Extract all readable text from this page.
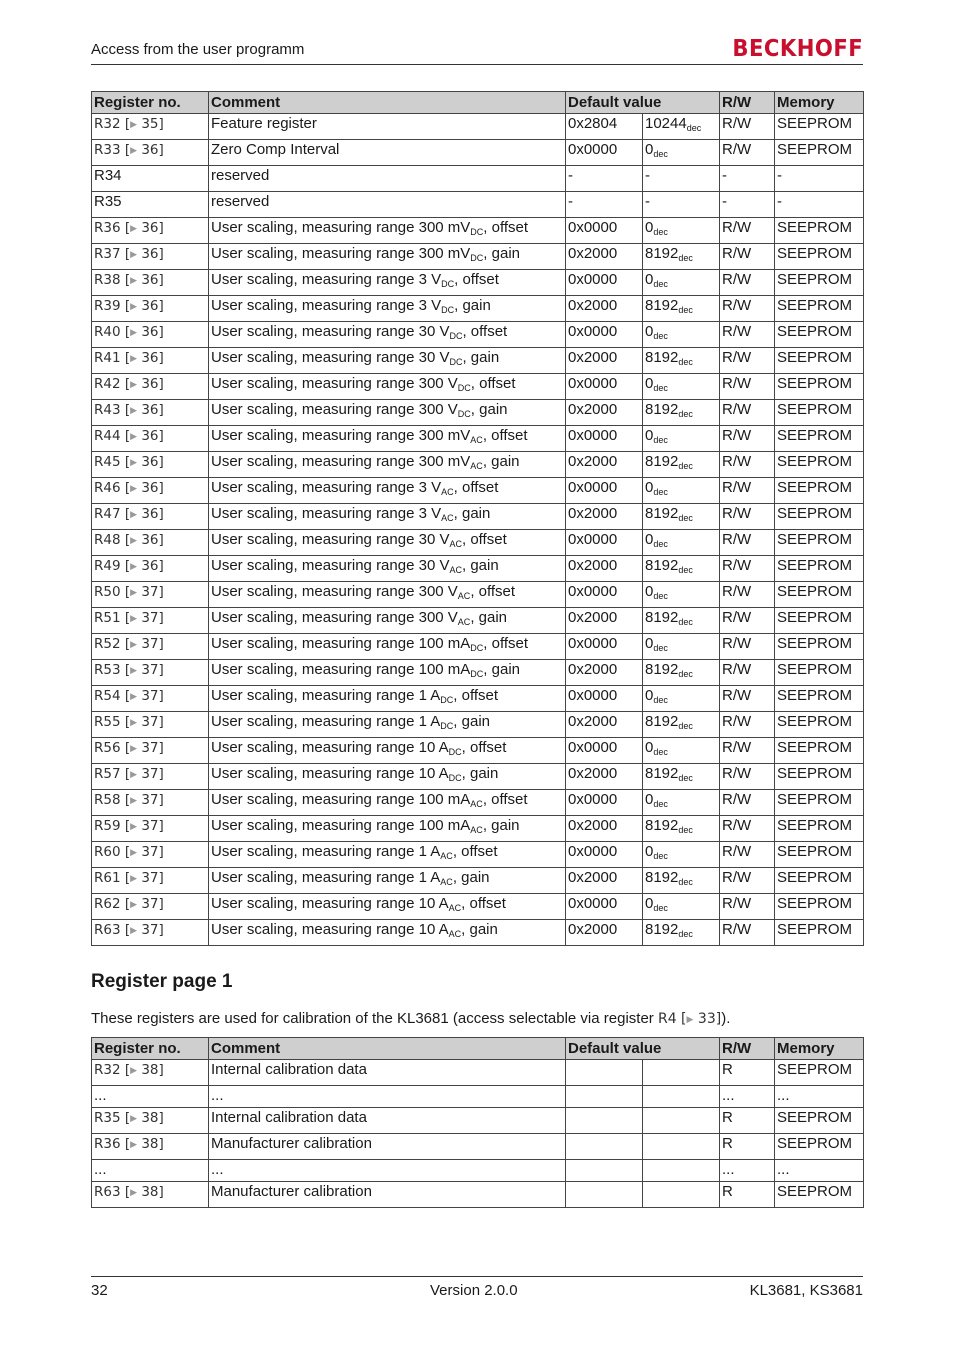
Access from the user programm	BECKHOFF
Register no.	Comment	Default value		R/W	Memory
R32 [▶ 35]	Feature register	0x2804	$10244_{dec}$	R/W	SEEPROM
R33 [▶ 36]	Zero Comp Interval	0x0000	$0_{dec}$	R/W	SEEPROM
R34	reserved	-	-	-	-
R35	reserved	-	-	-	-
R36 [▶ 36]	User scaling, measuring range 300 $mV_{DC}$, offset	0x0000	$0_{dec}$	R/W	SEEPROM
R37 [▶ 36]	User scaling, measuring range 300 $mV_{DC}$, gain	0x2000	$8192_{dec}$	R/W	SEEPROM
R38 [▶ 36]	User scaling, measuring range 3 $V_{DC}$, offset	0x0000	$0_{dec}$	R/W	SEEPROM
R39 [▶ 36]	User scaling, measuring range 3 $V_{DC}$, gain	0x2000	$8192_{dec}$	R/W	SEEPROM
R40 [▶ 36]	User scaling, measuring range 30 $V_{DC}$, offset	0x0000	$0_{dec}$	R/W	SEEPROM
R41 [▶ 36]	User scaling, measuring range 30 $V_{DC}$, gain	0x2000	$8192_{dec}$	R/W	SEEPROM
R42 [▶ 36]	User scaling, measuring range 300 $V_{DC}$, offset	0x0000	$0_{dec}$	R/W	SEEPROM
R43 [▶ 36]	User scaling, measuring range 300 $V_{DC}$, gain	0x2000	$8192_{dec}$	R/W	SEEPROM
R44 [▶ 36]	User scaling, measuring range 300 $mV_{AC}$, offset	0x0000	$0_{dec}$	R/W	SEEPROM
R45 [▶ 36]	User scaling, measuring range 300 $mV_{AC}$, gain	0x2000	$8192_{dec}$	R/W	SEEPROM
R46 [▶ 36]	User scaling, measuring range 3 $V_{AC}$, offset	0x0000	$0_{dec}$	R/W	SEEPROM
R47 [▶ 36]	User scaling, measuring range 3 $V_{AC}$, gain	0x2000	$8192_{dec}$	R/W	SEEPROM
R48 [▶ 36]	User scaling, measuring range 30 $V_{AC}$, offset	0x0000	$0_{dec}$	R/W	SEEPROM
R49 [▶ 36]	User scaling, measuring range 30 $V_{AC}$, gain	0x2000	$8192_{dec}$	R/W	SEEPROM
R50 [▶ 37]	User scaling, measuring range 300 $V_{AC}$, offset	0x0000	$0_{dec}$	R/W	SEEPROM
R51 [▶ 37]	User scaling, measuring range 300 $V_{AC}$, gain	0x2000	$8192_{dec}$	R/W	SEEPROM
R52 [▶ 37]	User scaling, measuring range 100 $mA_{DC}$, offset	0x0000	$0_{dec}$	R/W	SEEPROM
R53 [▶ 37]	User scaling, measuring range 100 $mA_{DC}$, gain	0x2000	$8192_{dec}$	R/W	SEEPROM
R54 [▶ 37]	User scaling, measuring range 1 $A_{DC}$, offset	0x0000	$0_{dec}$	R/W	SEEPROM
R55 [▶ 37]	User scaling, measuring range 1 $A_{DC}$, gain	0x2000	$8192_{dec}$	R/W	SEEPROM
R56 [▶ 37]	User scaling, measuring range 10 $A_{DC}$, offset	0x0000	$0_{dec}$	R/W	SEEPROM
R57 [▶ 37]	User scaling, measuring range 10 $A_{DC}$, gain	0x2000	$8192_{dec}$	R/W	SEEPROM
R58 [▶ 37]	User scaling, measuring range 100 $mA_{AC}$, offset	0x0000	$0_{dec}$	R/W	SEEPROM
R59 [▶ 37]	User scaling, measuring range 100 $mA_{AC}$, gain	0x2000	$8192_{dec}$	R/W	SEEPROM
R60 [▶ 37]	User scaling, measuring range 1 $A_{AC}$, offset	0x0000	$0_{dec}$	R/W	SEEPROM
R61 [▶ 37]	User scaling, measuring range 1 $A_{AC}$, gain	0x2000	$8192_{dec}$	R/W	SEEPROM
R62 [▶ 37]	User scaling, measuring range 10 $A_{AC}$, offset	0x0000	$0_{dec}$	R/W	SEEPROM
R63 [▶ 37]	User scaling, measuring range 10 $A_{AC}$, gain	0x2000	$8192_{dec}$	R/W	SEEPROM
Register page 1
These registers are used for calibration of the KL3681 (access selectable via register R4 [▶ 33]).
Register no.	Comment	Default value		R/W	Memory
R32 [▶ 38]	Internal calibration data			R	SEEPROM
...	...			...	...
R35 [▶ 38]	Internal calibration data			R	SEEPROM
R36 [▶ 38]	Manufacturer calibration			R	SEEPROM
...	...			...	...
R63 [▶ 38]	Manufacturer calibration			R	SEEPROM
32	Version 2.0.0	KL3681, KS3681
